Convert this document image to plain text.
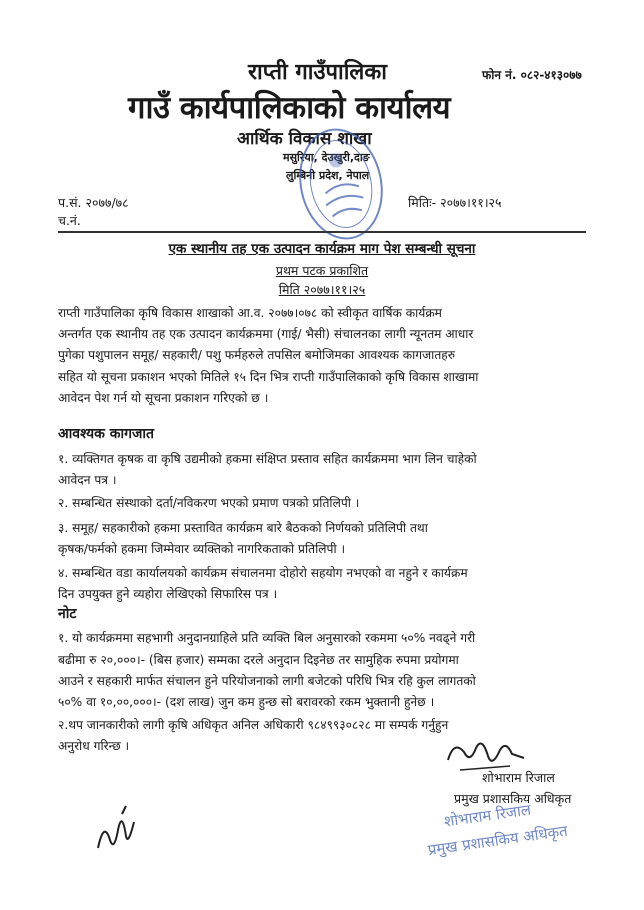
राप्ती गाउँपालिका	फोन नं. ०८२-४१३०७७
गाउँ कार्यपालिकाको कार्यालय
आर्थिक विकास शाखा
मसुरिया, देउखुरी,दाङ
लुम्बिनी प्रदेश, नेपाल
प.सं. २०७७/७८
च.नं.
मितिः- २०७७।११।२५
एक स्थानीय तह एक उत्पादन कार्यक्रम माग पेश सम्बन्धी सूचना
प्रथम पटक प्रकाशित
मिति २०७७।११।२५
राप्ती गाउँपालिका कृषि विकास शाखाको आ.व. २०७७।०७८ को स्वीकृत वार्षिक कार्यक्रम
अन्तर्गत एक स्थानीय तह एक उत्पादन कार्यक्रममा (गाई/ भैसी) संचालनका लागी न्यूनतम आधार
पुगेका पशुपालन समूह/ सहकारी/ पशु फर्महरुले तपसिल बमोजिमका आवश्यक कागजातहरु
सहित यो सूचना प्रकाशन भएको मितिले १५ दिन भित्र राप्ती गाउँपालिकाको कृषि विकास शाखामा
आवेदन पेश गर्न यो सूचना प्रकाशन गरिएको छ ।
आवश्यक कागजात
१. व्यक्तिगत कृषक वा कृषि उद्यमीको हकमा संक्षिप्त प्रस्ताव सहित कार्यक्रममा भाग लिन चाहेको
आवेदन पत्र ।
२. सम्बन्धित संस्थाको दर्ता/नविकरण भएको प्रमाण पत्रको प्रतिलिपी ।
३. समूह/ सहकारीको हकमा प्रस्तावित कार्यक्रम बारे बैठकको निर्णयको प्रतिलिपी तथा
कृषक/फर्मको हकमा जिम्मेवार व्यक्तिको नागरिकताको प्रतिलिपी ।
४. सम्बन्धित वडा कार्यालयको कार्यक्रम संचालनमा दोहोरो सहयोग नभएको वा नहुने र कार्यक्रम
दिन उपयुक्त हुने व्यहोरा लेखिएको सिफारिस पत्र ।
नोट
१. यो कार्यक्रममा सहभागी अनुदानग्राहिले प्रति व्यक्ति बिल अनुसारको रकममा ५०% नवढ्ने गरी
बढीमा रु २०,०००।- (बिस हजार) सम्मका दरले अनुदान दिइनेछ तर सामुहिक रुपमा प्रयोगमा
आउने र सहकारी मार्फत संचालन हुने परियोजनाको लागी बजेटको परिधि भित्र रहि कुल लागतको
५०% वा १०,००,०००।- (दश लाख) जुन कम हुन्छ सो बरावरको रकम भुक्तानी हुनेछ ।
२.थप जानकारीको लागी कृषि अधिकृत अनिल अधिकारी ९८४९९३०८२८ मा सम्पर्क गर्नुहुन
अनुरोध गरिन्छ ।
शोभाराम रिजाल
प्रमुख प्रशासकिय अधिकृत
शोभाराम रिजाल
प्रमुख प्रशासकिय अधिकृत
